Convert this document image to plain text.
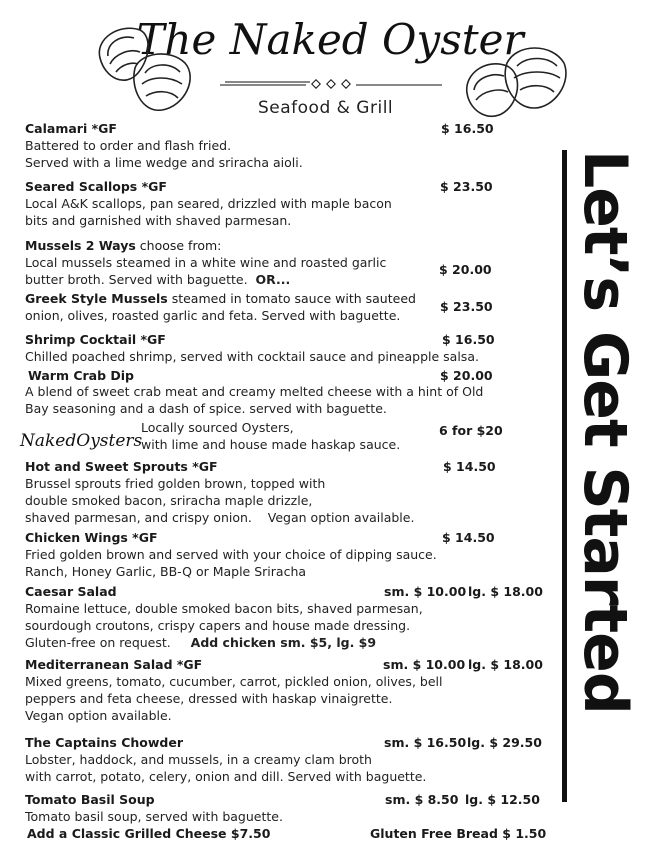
The Naked Oyster
Seafood & Grill
Let’s Get Started
Calamari *GF
Battered to order and flash fried.
Served with a lime wedge and sriracha aioli.
$ 16.50
Seared Scallops *GF
Local A&K scallops, pan seared, drizzled with maple bacon
bits and garnished with shaved parmesan.
$ 23.50
Mussels 2 Ways choose from:
Local mussels steamed in a white wine and roasted garlic
butter broth. Served with baguette. OR...
$ 20.00
Greek Style Mussels steamed in tomato sauce with sauteed
onion, olives, roasted garlic and feta. Served with baguette.
$ 23.50
Shrimp Cocktail *GF
Chilled poached shrimp, served with cocktail sauce and pineapple salsa.
$ 16.50
Warm Crab Dip
A blend of sweet crab meat and creamy melted cheese with a hint of Old
Bay seasoning and a dash of spice. served with baguette.
$ 20.00
NakedOysters
Locally sourced Oysters,
with lime and house made haskap sauce.
6 for $20
Hot and Sweet Sprouts *GF
Brussel sprouts fried golden brown, topped with
double smoked bacon, sriracha maple drizzle,
shaved parmesan, and crispy onion.    Vegan option available.
$ 14.50
Chicken Wings *GF
Fried golden brown and served with your choice of dipping sauce.
Ranch, Honey Garlic, BB-Q or Maple Sriracha
$ 14.50
Caesar Salad
Romaine lettuce, double smoked bacon bits, shaved parmesan,
sourdough croutons, crispy capers and house made dressing.
Gluten-free on request. Add chicken sm. $5, lg. $9
sm. $ 10.00 lg. $ 18.00
Mediterranean Salad *GF
Mixed greens, tomato, cucumber, carrot, pickled onion, olives, bell
peppers and feta cheese, dressed with haskap vinaigrette.
Vegan option available.
sm. $ 10.00 lg. $ 18.00
The Captains Chowder
Lobster, haddock, and mussels, in a creamy clam broth
with carrot, potato, celery, onion and dill. Served with baguette.
sm. $ 16.50 lg. $ 29.50
Tomato Basil Soup
Tomato basil soup, served with baguette.
sm. $ 8.50 lg. $ 12.50
Add a Classic Grilled Cheese $7.50	Gluten Free Bread $ 1.50
